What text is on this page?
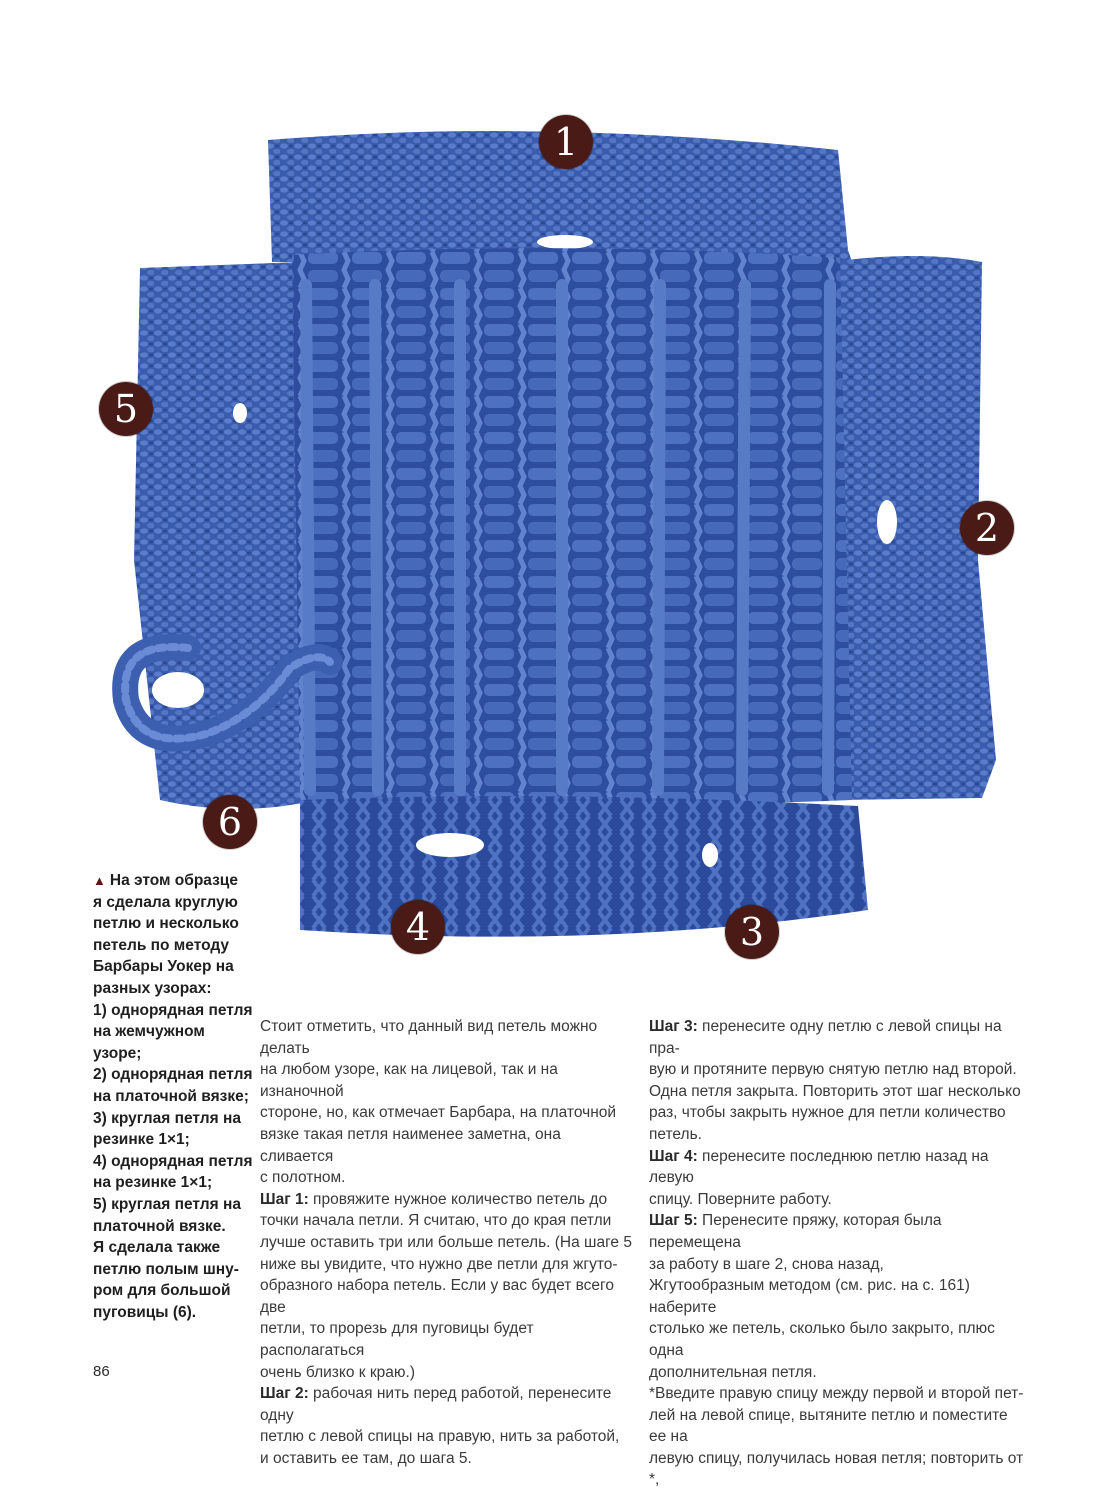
1
2
3
4
5
6

▲ На этом образце

я сделала круглую

петлю и несколько

петель по методу

Барбары Уокер на

разных узорах:

1) однорядная петля

на жемчужном

узоре;

2) однорядная петля

на платочной вязке;

3) круглая петля на

резинке 1×1;

4) однорядная петля

на резинке 1×1;

5) круглая петля на

платочной вязке.

Я сделала также

петлю полым шну-

ром для большой

пуговицы (6).

Стоит отметить, что данный вид петель можно делать

на любом узоре, как на лицевой, так и на изнаночной

стороне, но, как отмечает Барбара, на платочной

вязке такая петля наименее заметна, она сливается

с полотном.

Шаг 1: провяжите нужное количество петель до

точки начала петли. Я считаю, что до края петли

лучше оставить три или больше петель. (На шаге 5

ниже вы увидите, что нужно две петли для жгуто-

образного набора петель. Если у вас будет всего две

петли, то прорезь для пуговицы будет располагаться

очень близко к краю.)

Шаг 2: рабочая нить перед работой, перенесите одну

петлю с левой спицы на правую, нить за работой,

и оставить ее там, до шага 5.

Шаг 3: перенесите одну петлю с левой спицы на пра-

вую и протяните первую снятую петлю над второй.

Одна петля закрыта. Повторить этот шаг несколько

раз, чтобы закрыть нужное для петли количество

петель.

Шаг 4: перенесите последнюю петлю назад на левую

спицу. Поверните работу.

Шаг 5: Перенесите пряжу, которая была перемещена

за работу в шаге 2, снова назад,

Жгутообразным методом (см. рис. на с. 161) наберите

столько же петель, сколько было закрыто, плюс одна

дополнительная петля.

*Введите правую спицу между первой и второй пет-

лей на левой спице, вытяните петлю и поместите ее на

левую спицу, получилась новая петля; повторить от *,

86
